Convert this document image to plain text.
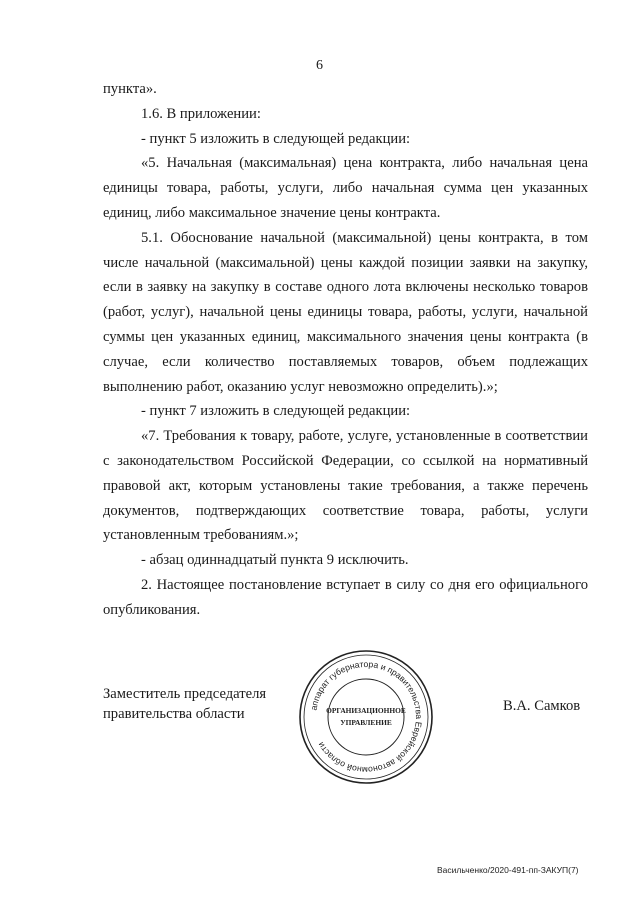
6

пункта».

1.6. В приложении:

- пункт 5 изложить в следующей редакции:

«5. Начальная (максимальная) цена контракта, либо начальная цена единицы товара, работы, услуги, либо начальная сумма цен указанных единиц, либо максимальное значение цены контракта.

5.1. Обоснование начальной (максимальной) цены контракта, в том числе начальной (максимальной) цены каждой позиции заявки на закупку, если в заявку на закупку в составе одного лота включены несколько товаров (работ, услуг), начальной цены единицы товара, работы, услуги, начальной суммы цен указанных единиц, максимального значения цены контракта (в случае, если количество поставляемых товаров, объем подлежащих выполнению работ, оказанию услуг невозможно определить).»;

- пункт 7 изложить в следующей редакции:

«7. Требования к товару, работе, услуге, установленные в соответствии с законодательством Российской Федерации, со ссылкой на нормативный правовой акт, которым установлены такие требования, а также перечень документов, подтверждающих соответствие товара, работы, услуги установленным требованиям.»;

- абзац одиннадцатый пункта 9 исключить.

2. Настоящее постановление вступает в силу со дня его официального опубликования.

Заместитель председателя
правительства области	аппарат губернатора и правительства Еврейской автономной области
ОРГАНИЗАЦИОННОЕ
УПРАВЛЕНИЕ
В.А. Самков
Васильченко/2020-491-пп-ЗАКУП(7)
